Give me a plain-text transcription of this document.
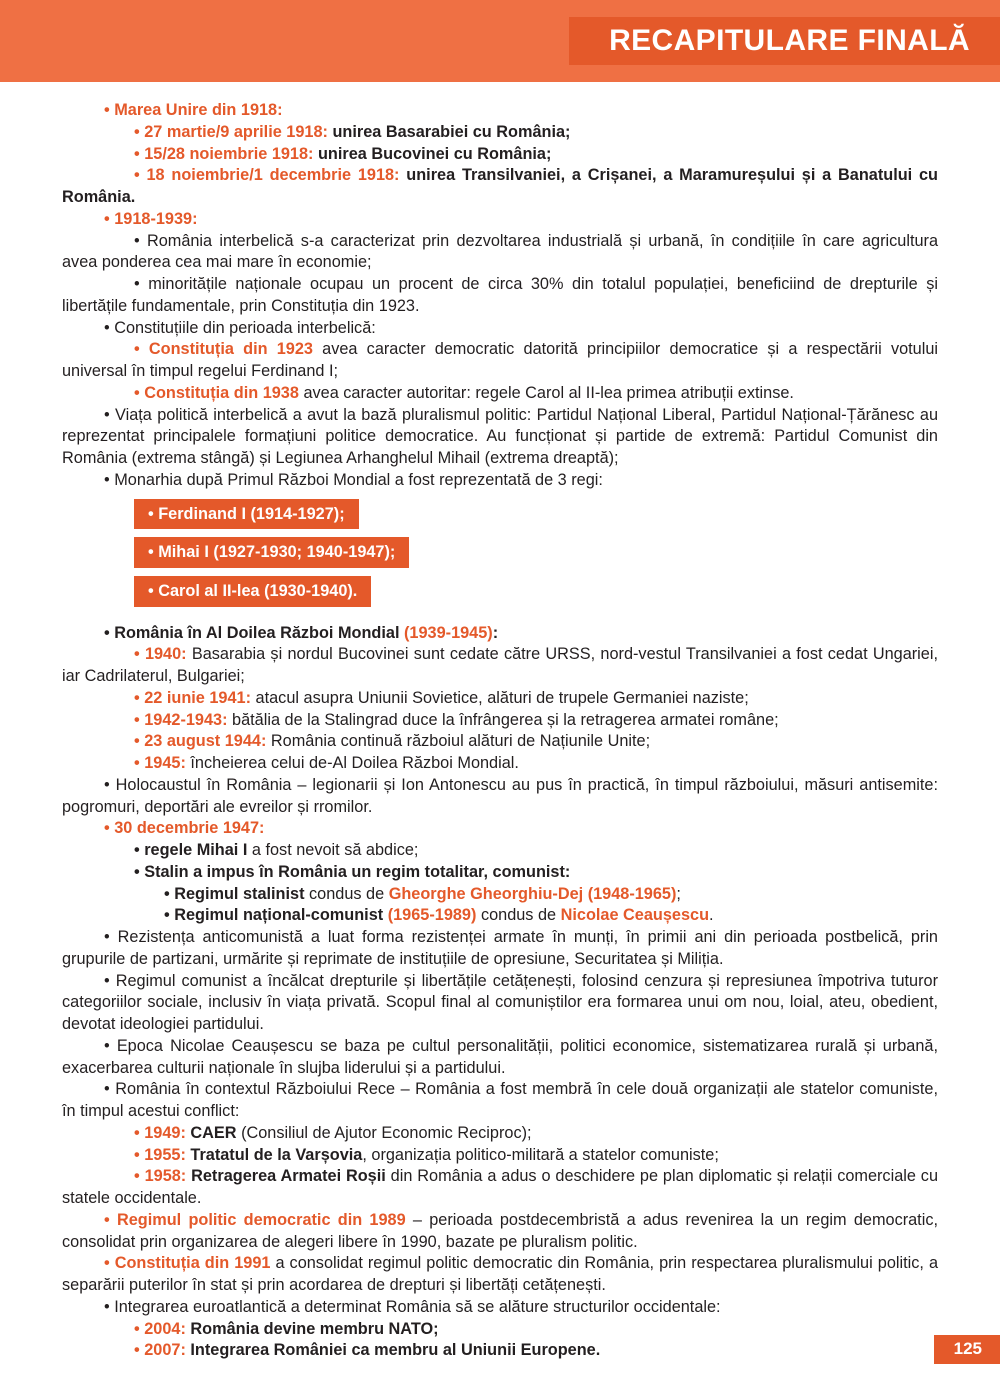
RECAPITULARE FINALĂ

• Marea Unire din 1918:

• 27 martie/9 aprilie 1918: unirea Basarabiei cu România;

• 15/28 noiembrie 1918: unirea Bucovinei cu România;

• 18 noiembrie/1 decembrie 1918: unirea Transilvaniei, a Crișanei, a Maramureșului și a Banatului cu România.

• 1918-1939:

• România interbelică s-a caracterizat prin dezvoltarea industrială și urbană, în condițiile în care agricultura avea ponderea cea mai mare în economie;

• minoritățile naționale ocupau un procent de circa 30% din totalul populației, beneficiind de drepturile și libertățile fundamentale, prin Constituția din 1923.

• Constituțiile din perioada interbelică:

• Constituția din 1923 avea caracter democratic datorită principiilor democratice și a respectării votului universal în timpul regelui Ferdinand I;

• Constituția din 1938 avea caracter autoritar: regele Carol al II-lea primea atribuții extinse.

• Viața politică interbelică a avut la bază pluralismul politic: Partidul Național Liberal, Partidul Național-Țărănesc au reprezentat principalele formațiuni politice democratice. Au funcționat și partide de extremă: Partidul Comunist din România (extrema stângă) și Legiunea Arhanghelul Mihail (extrema dreaptă);

• Monarhia după Primul Război Mondial a fost reprezentată de 3 regi:

• Ferdinand I (1914-1927);
• Mihai I (1927-1930; 1940-1947);
• Carol al II-lea (1930-1940).

• România în Al Doilea Război Mondial (1939-1945):

• 1940: Basarabia și nordul Bucovinei sunt cedate către URSS, nord-vestul Transilvaniei a fost cedat Ungariei, iar Cadrilaterul, Bulgariei;

• 22 iunie 1941: atacul asupra Uniunii Sovietice, alături de trupele Germaniei naziste;

• 1942-1943: bătălia de la Stalingrad duce la înfrângerea și la retragerea armatei române;

• 23 august 1944: România continuă războiul alături de Națiunile Unite;

• 1945: încheierea celui de-Al Doilea Război Mondial.

• Holocaustul în România – legionarii și Ion Antonescu au pus în practică, în timpul războiului, măsuri antisemite: pogromuri, deportări ale evreilor și rromilor.

• 30 decembrie 1947:

• regele Mihai I a fost nevoit să abdice;

• Stalin a impus în România un regim totalitar, comunist:

• Regimul stalinist condus de Gheorghe Gheorghiu-Dej (1948-1965);

• Regimul național-comunist (1965-1989) condus de Nicolae Ceaușescu.

• Rezistența anticomunistă a luat forma rezistenței armate în munți, în primii ani din perioada postbelică, prin grupurile de partizani, urmărite și reprimate de instituțiile de opresiune, Securitatea și Miliția.

• Regimul comunist a încălcat drepturile și libertățile cetățenești, folosind cenzura și represiunea împotriva tuturor categoriilor sociale, inclusiv în viața privată. Scopul final al comuniștilor era formarea unui om nou, loial, ateu, obedient, devotat ideologiei partidului.

• Epoca Nicolae Ceaușescu se baza pe cultul personalității, politici economice, sistematizarea rurală și urbană, exacerbarea culturii naționale în slujba liderului și a partidului.

• România în contextul Războiului Rece – România a fost membră în cele două organizații ale statelor comuniste, în timpul acestui conflict:

• 1949: CAER (Consiliul de Ajutor Economic Reciproc);

• 1955: Tratatul de la Varșovia, organizația politico-militară a statelor comuniste;

• 1958: Retragerea Armatei Roșii din România a adus o deschidere pe plan diplomatic și relații comerciale cu statele occidentale.

• Regimul politic democratic din 1989 – perioada postdecembristă a adus revenirea la un regim democratic, consolidat prin organizarea de alegeri libere în 1990, bazate pe pluralism politic.

• Constituția din 1991 a consolidat regimul politic democratic din România, prin respectarea pluralismului politic, a separării puterilor în stat și prin acordarea de drepturi și libertăți cetățenești.

• Integrarea euroatlantică a determinat România să se alăture structurilor occidentale:

• 2004: România devine membru NATO;

• 2007: Integrarea României ca membru al Uniunii Europene.	125
